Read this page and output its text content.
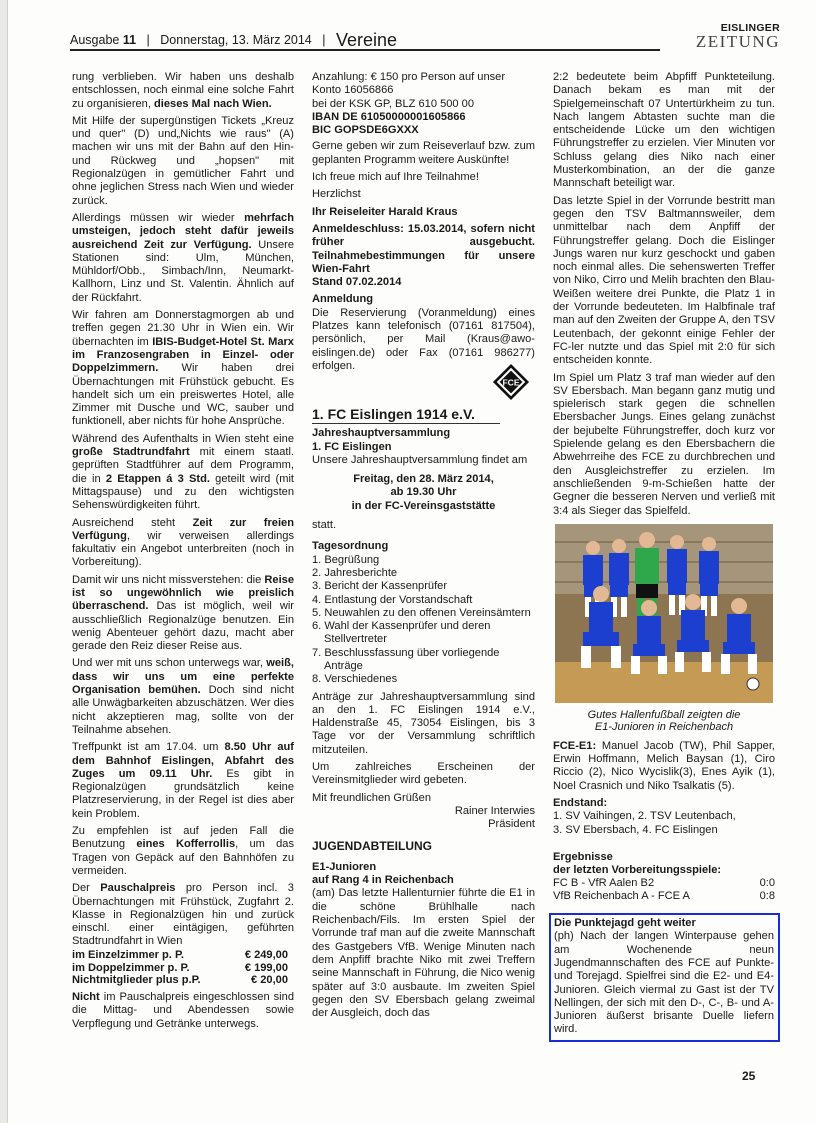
Ausgabe 11 | Donnerstag, 13. März 2014 | Vereine
EISLINGER
ZEITUNG

rung verblieben. Wir haben uns deshalb entschlossen, noch einmal eine solche Fahrt zu organisieren, dieses Mal nach Wien.

Mit Hilfe der supergünstigen Tickets „Kreuz und quer" (D) und„Nichts wie raus" (A) machen wir uns mit der Bahn auf den Hin- und Rückweg und „hopsen" mit Regionalzügen in gemütlicher Fahrt und ohne jeglichen Stress nach Wien und wieder zurück.

Allerdings müssen wir wieder mehrfach umsteigen, jedoch steht dafür jeweils ausreichend Zeit zur Verfügung. Unsere Stationen sind: Ulm, München, Mühldorf/Obb., Simbach/Inn, Neumarkt-Kallhorn, Linz und St. Valentin. Ähnlich auf der Rückfahrt.

Wir fahren am Donnerstagmorgen ab und treffen gegen 21.30 Uhr in Wien ein. Wir übernachten im IBIS-Budget-Hotel St. Marx im Franzosengraben in Einzel- oder Doppelzimmern. Wir haben drei Übernachtungen mit Frühstück gebucht. Es handelt sich um ein preiswertes Hotel, alle Zimmer mit Dusche und WC, sauber und funktionell, aber nichts für hohe Ansprüche.

Während des Aufenthalts in Wien steht eine große Stadtrundfahrt mit einem staatl. geprüften Stadtführer auf dem Programm, die in 2 Etappen á 3 Std. geteilt wird (mit Mittagspause) und zu den wichtigsten Sehenswürdigkeiten führt.

Ausreichend steht Zeit zur freien Verfügung, wir verweisen allerdings fakultativ ein Angebot unterbreiten (noch in Vorbereitung).

Damit wir uns nicht missverstehen: die Reise ist so ungewöhnlich wie preislich überraschend. Das ist möglich, weil wir ausschließlich Regionalzüge benutzen. Ein wenig Abenteuer gehört dazu, macht aber gerade den Reiz dieser Reise aus.

Und wer mit uns schon unterwegs war, weiß, dass wir uns um eine perfekte Organisation bemühen. Doch sind nicht alle Unwägbarkeiten abzuschätzen. Wer dies nicht akzeptieren mag, sollte von der Teilnahme absehen.

Treffpunkt ist am 17.04. um 8.50 Uhr auf dem Bahnhof Eislingen, Abfahrt des Zuges um 09.11 Uhr. Es gibt in Regionalzügen grundsätzlich keine Platzreservierung, in der Regel ist dies aber kein Problem.

Zu empfehlen ist auf jeden Fall die Benutzung eines Kofferrollis, um das Tragen von Gepäck auf den Bahnhöfen zu vermeiden.

Der Pauschalpreis pro Person incl. 3 Übernachtungen mit Frühstück, Zugfahrt 2. Klasse in Regionalzügen hin und zurück einschl. einer eintägigen, geführten Stadtrundfahrt in Wien

im Einzelzimmer p. P.	€ 249,00
im Doppelzimmer p. P.	€ 199,00
Nichtmitglieder plus p.P.	€ 20,00

Nicht im Pauschalpreis eingeschlossen sind die Mittag- und Abendessen sowie Verpflegung und Getränke unterwegs.

Anzahlung: € 150 pro Person auf unser Konto 16056866
bei der KSK GP, BLZ 610 500 00
IBAN DE 61050000001605866
BIC GOPSDE6GXXX

Gerne geben wir zum Reiseverlauf bzw. zum geplanten Programm weitere Auskünfte!

Ich freue mich auf Ihre Teilnahme!

Herzlichst

Ihr Reiseleiter Harald Kraus

Anmeldeschluss: 15.03.2014, sofern nicht früher ausgebucht. Teilnahmebestimmungen für unsere Wien-Fahrt

Stand 07.02.2014

Anmeldung

Die Reservierung (Voranmeldung) eines Platzes kann telefonisch (07161 817504), persönlich, per Mail (Kraus@awo-eislingen.de) oder Fax (07161 986277) erfolgen.

1. FC Eislingen 1914 e.V.
FCE
Jahreshauptversammlung
1. FC Eislingen

Unsere Jahreshauptversammlung findet am

Freitag, den 28. März 2014,
ab 19.30 Uhr
in der FC-Vereinsgaststätte

statt.

Tagesordnung
1. Begrüßung
2. Jahresberichte
3. Bericht der Kassenprüfer
4. Entlastung der Vorstandschaft
5. Neuwahlen zu den offenen Vereinsämtern
6. Wahl der Kassenprüfer und deren Stellvertreter
7. Beschlussfassung über vorliegende Anträge
8. Verschiedenes

Anträge zur Jahreshauptversammlung sind an den 1. FC Eislingen 1914 e.V., Haldenstraße 45, 73054 Eislingen, bis 3 Tage vor der Versammlung schriftlich mitzuteilen.

Um zahlreiches Erscheinen der Vereinsmitglieder wird gebeten.

Mit freundlichen Grüßen

Rainer Interwies
Präsident
JUGENDABTEILUNG
E1-Junioren
auf Rang 4 in Reichenbach

(am) Das letzte Hallenturnier führte die E1 in die schöne Brühlhalle nach Reichenbach/Fils. Im ersten Spiel der Vorrunde traf man auf die zweite Mannschaft des Gastgebers VfB. Wenige Minuten nach dem Anpfiff brachte Niko mit zwei Treffern seine Mannschaft in Führung, die Nico wenig später auf 3:0 ausbaute. Im zweiten Spiel gegen den SV Ebersbach gelang zweimal der Ausgleich, doch das

2:2 bedeutete beim Abpfiff Punkteteilung. Danach bekam es man mit der Spielgemeinschaft 07 Untertürkheim zu tun. Nach langem Abtasten suchte man die entscheidende Lücke um den wichtigen Führungstreffer zu erzielen. Vier Minuten vor Schluss gelang dies Niko nach einer Musterkombination, an der die ganze Mannschaft beteiligt war.

Das letzte Spiel in der Vorrunde bestritt man gegen den TSV Baltmannsweiler, dem unmittelbar nach dem Anpfiff der Führungstreffer gelang. Doch die Eislinger Jungs waren nur kurz geschockt und gaben noch einmal alles. Die sehenswerten Treffer von Niko, Cirro und Melih brachten den Blau-Weißen weitere drei Punkte, die Platz 1 in der Vorrunde bedeuteten. Im Halbfinale traf man auf den Zweiten der Gruppe A, den TSV Leutenbach, der gekonnt einige Fehler der FC-ler nutzte und das Spiel mit 2:0 für sich entscheiden konnte.

Im Spiel um Platz 3 traf man wieder auf den SV Ebersbach. Man begann ganz mutig und spielerisch stark gegen die schnellen Ebersbacher Jungs. Eines gelang zunächst der bejubelte Führungstreffer, doch kurz vor Spielende gelang es den Ebersbachern die Abwehrreihe des FCE zu durchbrechen und den Ausgleichstreffer zu erzielen. Im anschließenden 9-m-Schießen hatte der Gegner die besseren Nerven und verließ mit 3:4 als Sieger das Spielfeld.

Gutes Hallenfußball zeigten die
E1-Junioren in Reichenbach

FCE-E1: Manuel Jacob (TW), Phil Sapper, Erwin Hoffmann, Melich Baysan (1), Ciro Riccio (2), Nico Wycislik(3), Enes Ayik (1), Noel Crasnich und Niko Tsalkatis (5).

Endstand:
1. SV Vaihingen, 2. TSV Leutenbach,
3. SV Ebersbach, 4. FC Eislingen
Ergebnisse
der letzten Vorbereitungsspiele:
FC B - VfR Aalen B2	0:0
VfB Reichenbach A - FCE A	0:8
Die Punktejagd geht weiter

(ph) Nach der langen Winterpause gehen am Wochenende neun Jugendmannschaften des FCE auf Punkte- und Torejagd. Spielfrei sind die E2- und E4-Junioren. Gleich viermal zu Gast ist der TV Nellingen, der sich mit den D-, C-, B- und A-Junioren äußerst brisante Duelle liefern wird.

25
